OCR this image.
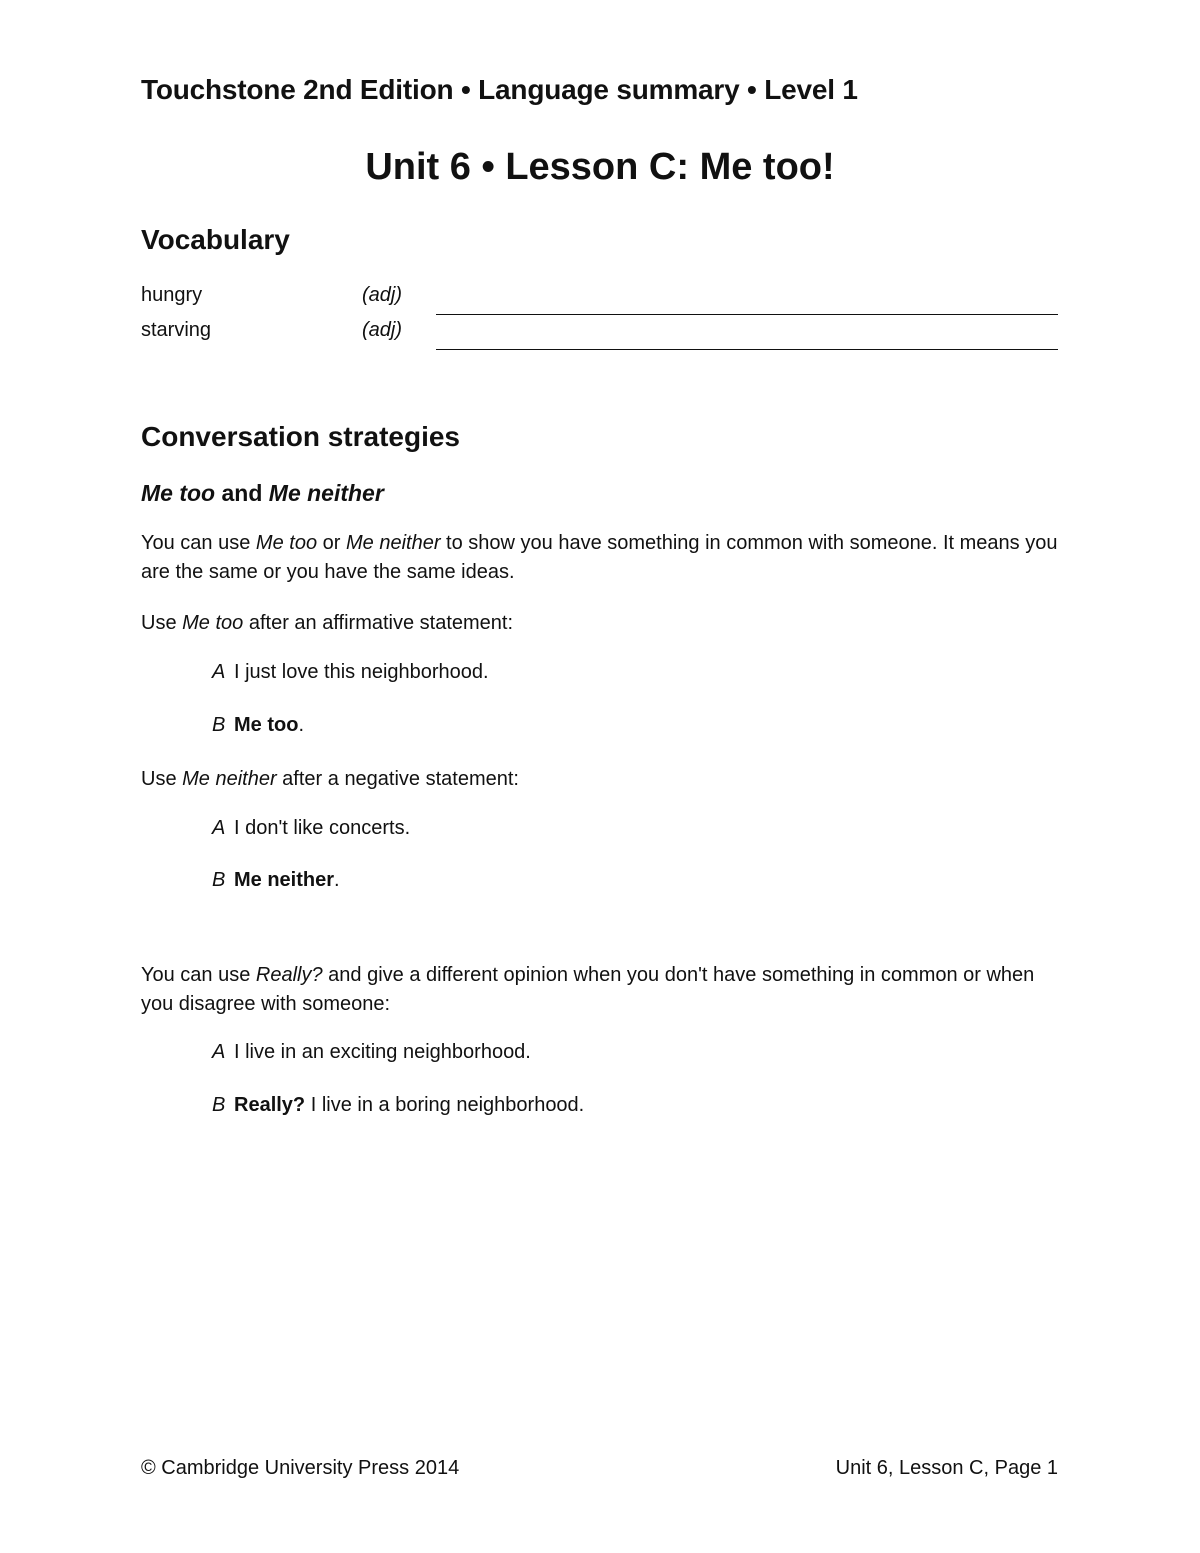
Touchstone 2nd Edition • Language summary • Level 1
Unit 6 • Lesson C: Me too!
Vocabulary
hungry	(adj)
starving	(adj)
Conversation strategies
Me too and Me neither
You can use Me too or Me neither to show you have something in common with someone. It means you are the same or you have the same ideas.
Use Me too after an affirmative statement:
A I just love this neighborhood.
B Me too.
Use Me neither after a negative statement:
A I don't like concerts.
B Me neither.
You can use Really? and give a different opinion when you don't have something in common or when you disagree with someone:
A I live in an exciting neighborhood.
B Really? I live in a boring neighborhood.
© Cambridge University Press 2014	Unit 6, Lesson C, Page 1
